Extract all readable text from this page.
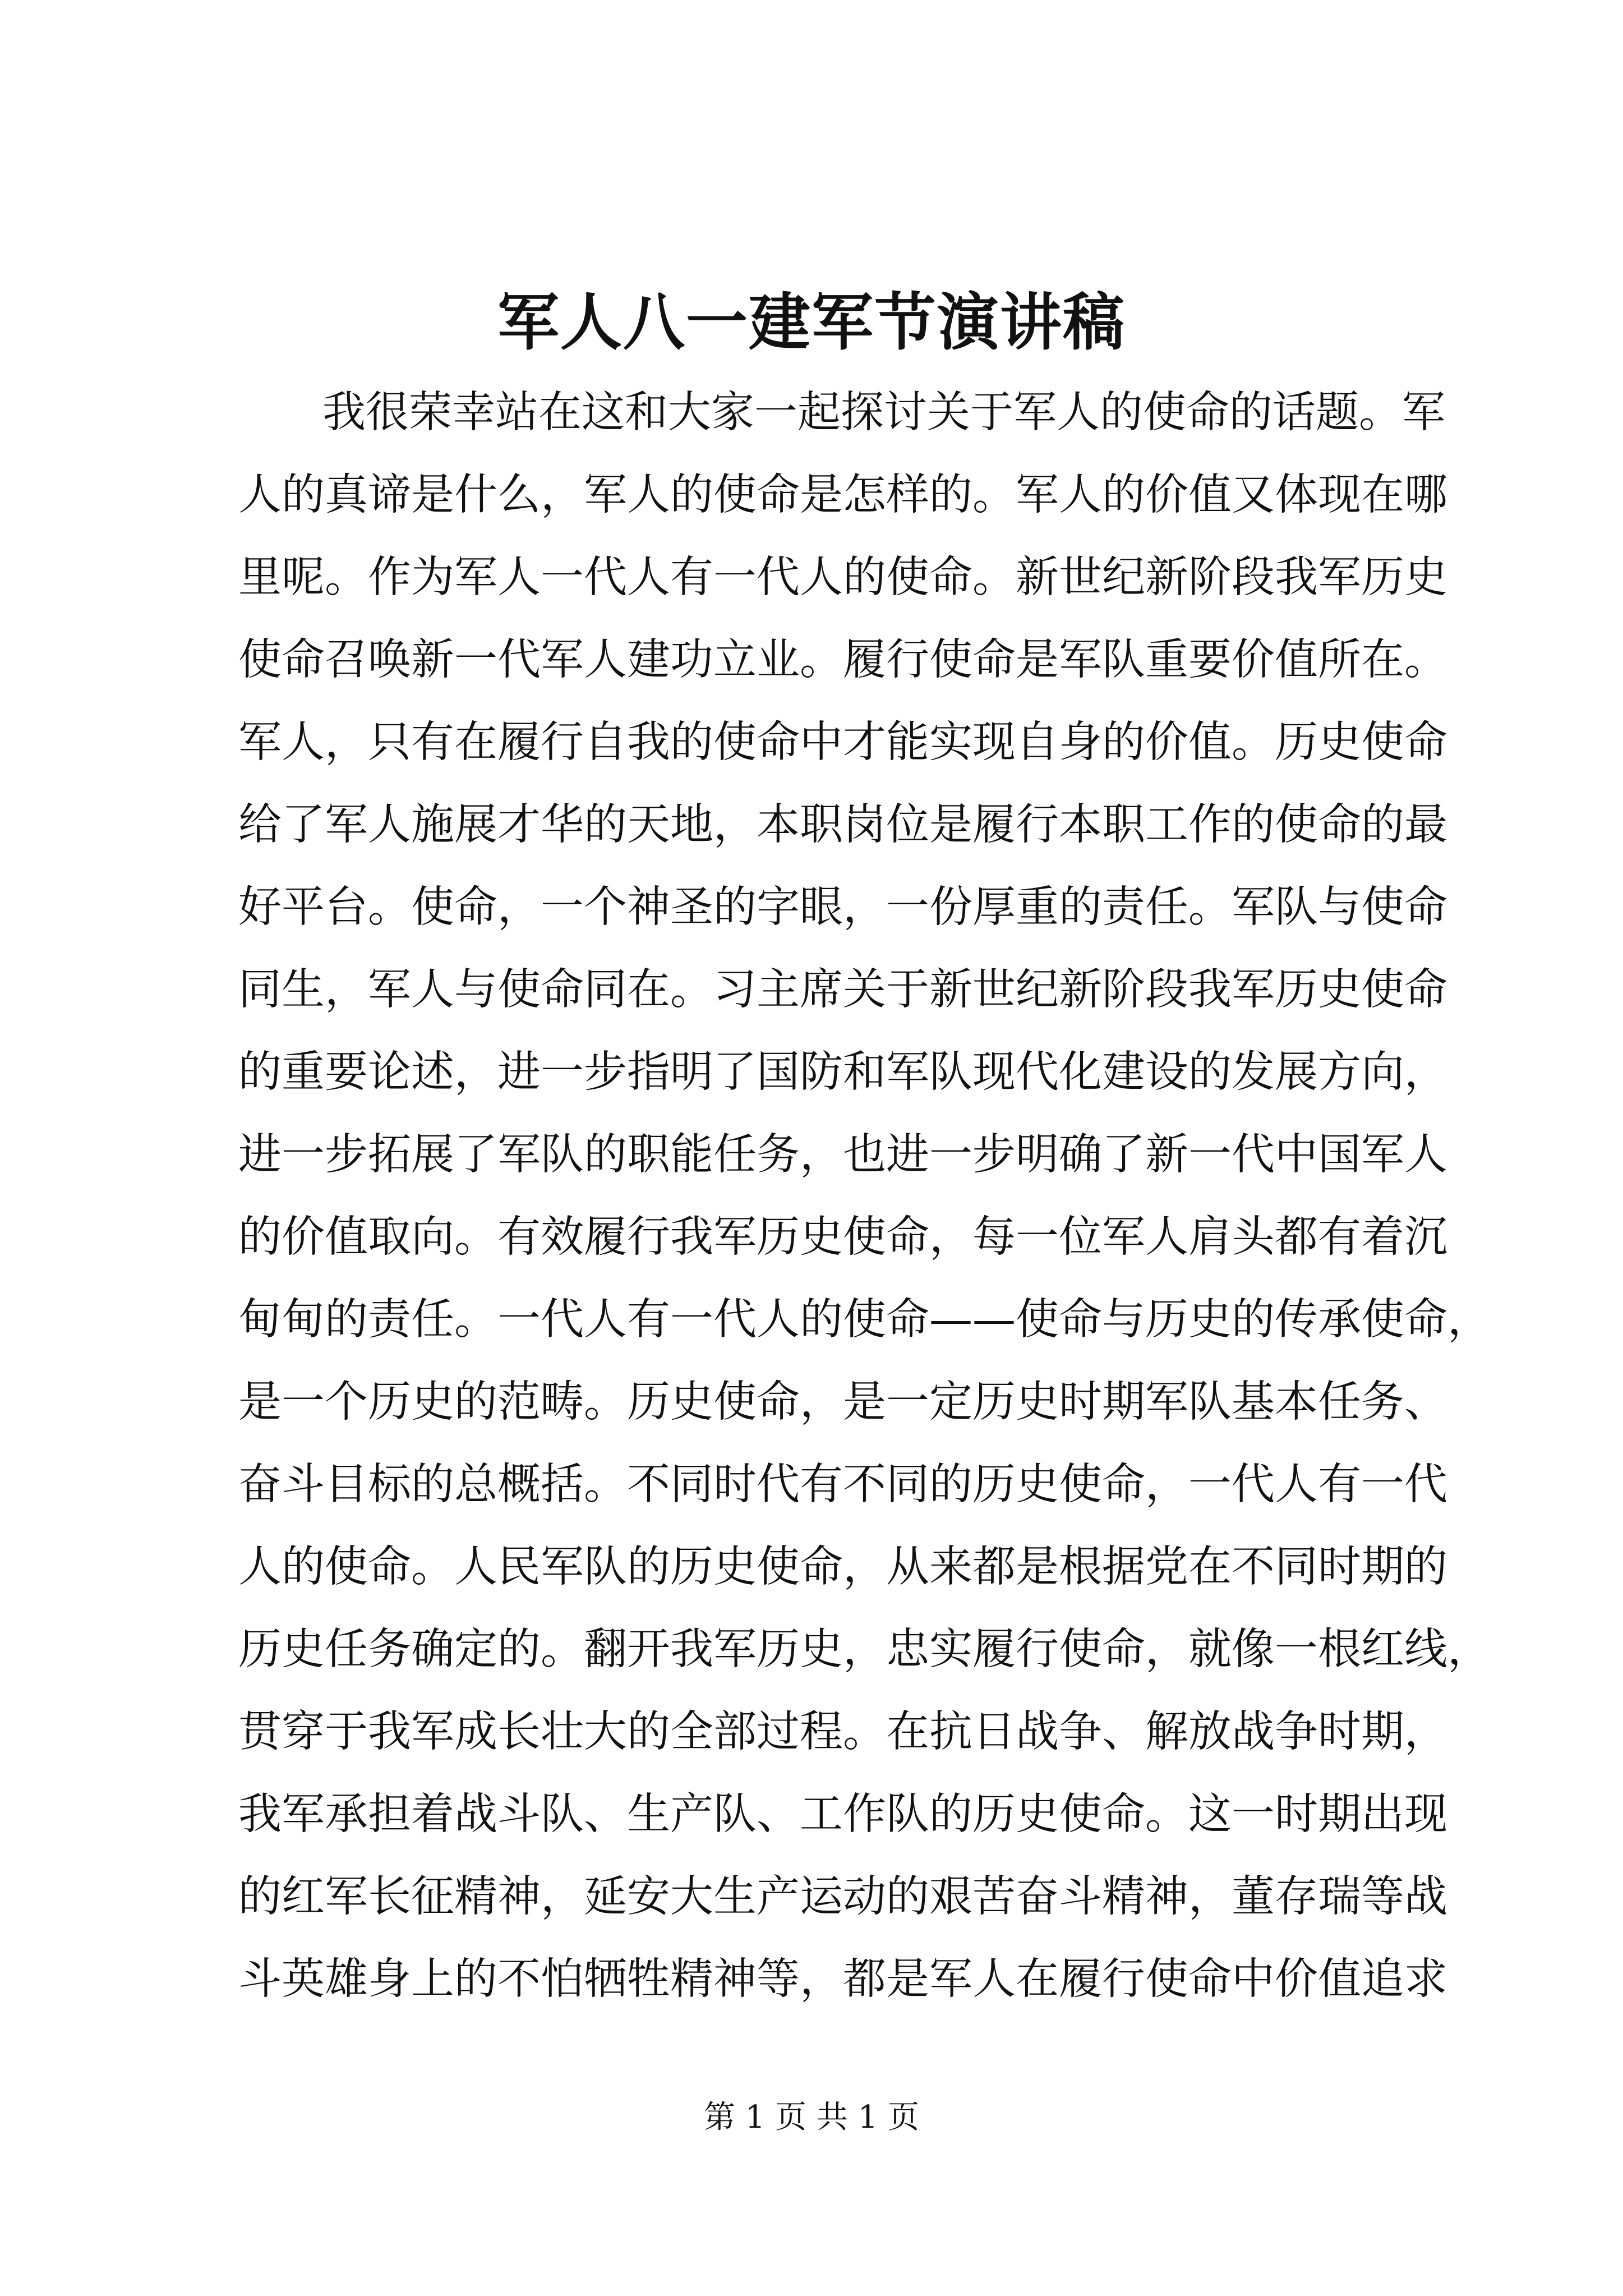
军人八一建军节演讲稿
我很荣幸站在这和大家一起探讨关于军人的使命的话题。军
人的真谛是什么，军人的使命是怎样的。军人的价值又体现在哪
里呢。作为军人一代人有一代人的使命。新世纪新阶段我军历史
使命召唤新一代军人建功立业。履行使命是军队重要价值所在。
军人，只有在履行自我的使命中才能实现自身的价值。历史使命
给了军人施展才华的天地，本职岗位是履行本职工作的使命的最
好平台。使命，一个神圣的字眼，一份厚重的责任。军队与使命
同生，军人与使命同在。习主席关于新世纪新阶段我军历史使命
的重要论述，进一步指明了国防和军队现代化建设的发展方向，
进一步拓展了军队的职能任务，也进一步明确了新一代中国军人
的价值取向。有效履行我军历史使命，每一位军人肩头都有着沉
甸甸的责任。一代人有一代人的使命——使命与历史的传承使命，
是一个历史的范畴。历史使命，是一定历史时期军队基本任务、
奋斗目标的总概括。不同时代有不同的历史使命，一代人有一代
人的使命。人民军队的历史使命，从来都是根据党在不同时期的
历史任务确定的。翻开我军历史，忠实履行使命，就像一根红线，
贯穿于我军成长壮大的全部过程。在抗日战争、解放战争时期，
我军承担着战斗队、生产队、工作队的历史使命。这一时期出现
的红军长征精神，延安大生产运动的艰苦奋斗精神，董存瑞等战
斗英雄身上的不怕牺牲精神等，都是军人在履行使命中价值追求
第 1 页 共 1 页
